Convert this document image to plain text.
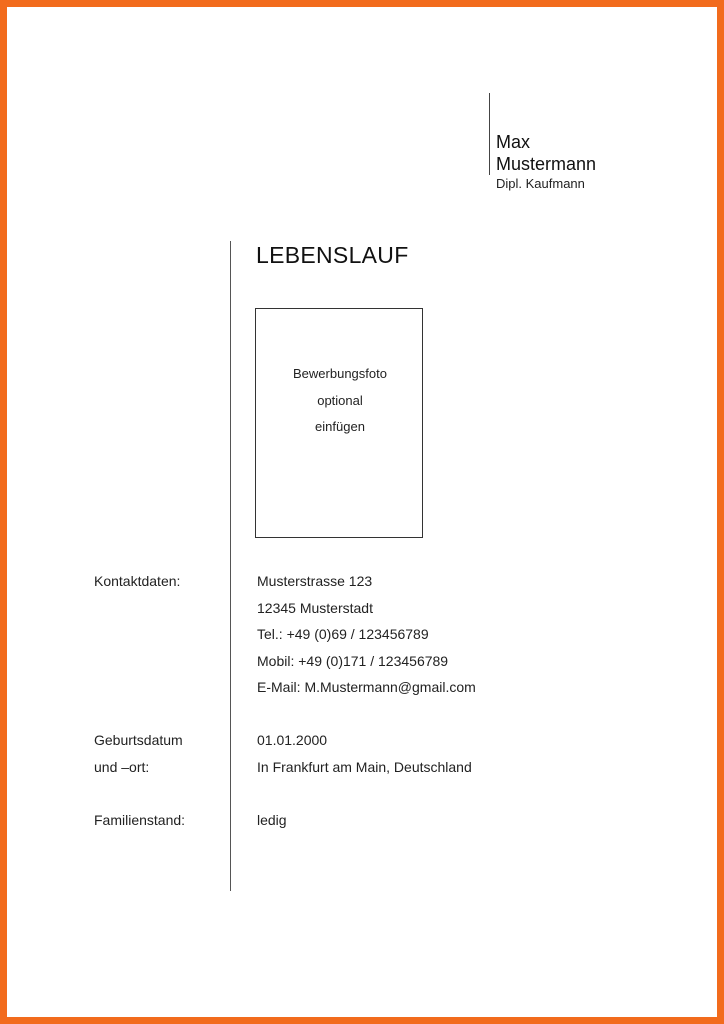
Max
Mustermann
Dipl. Kaufmann
LEBENSLAUF
Bewerbungsfoto
optional
einfügen
Kontaktdaten:	Musterstrasse 123
12345 Musterstadt
Tel.: +49 (0)69 / 123456789
Mobil: +49 (0)171 / 123456789
E-Mail: M.Mustermann@gmail.com
Geburtsdatum
und –ort:
01.01.2000
In Frankfurt am Main, Deutschland
Familienstand:	ledig
